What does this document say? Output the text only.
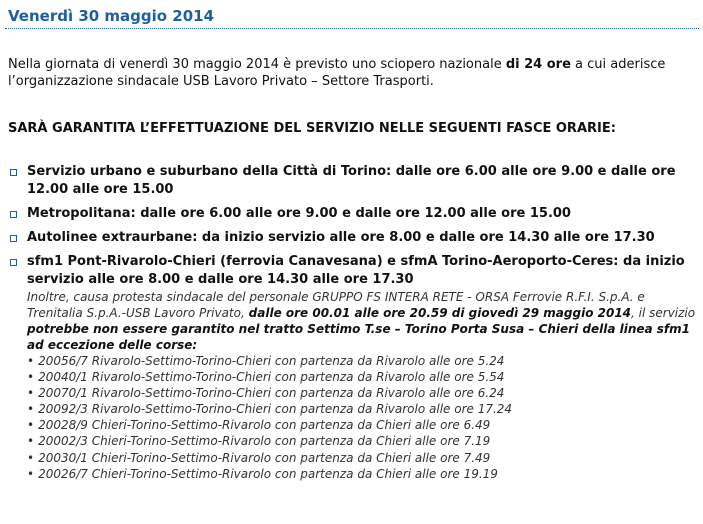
Venerdì 30 maggio 2014
Nella giornata di venerdì 30 maggio 2014 è previsto uno sciopero nazionale di 24 ore a cui aderisce l’organizzazione sindacale USB Lavoro Privato – Settore Trasporti.
SARÀ GARANTITA L’EFFETTUAZIONE DEL SERVIZIO NELLE SEGUENTI FASCE ORARIE:
Servizio urbano e suburbano della Città di Torino: dalle ore 6.00 alle ore 9.00 e dalle ore 12.00 alle ore 15.00
Metropolitana: dalle ore 6.00 alle ore 9.00 e dalle ore 12.00 alle ore 15.00
Autolinee extraurbane: da inizio servizio alle ore 8.00 e dalle ore 14.30 alle ore 17.30
sfm1 Pont-Rivarolo-Chieri (ferrovia Canavesana) e sfmA Torino-Aeroporto-Ceres: da inizio servizio alle ore 8.00 e dalle ore 14.30 alle ore 17.30
Inoltre, causa protesta sindacale del personale GRUPPO FS INTERA RETE - ORSA Ferrovie R.F.I. S.p.A. e Trenitalia S.p.A.-USB Lavoro Privato, dalle ore 00.01 alle ore 20.59 di giovedì 29 maggio 2014, il servizio potrebbe non essere garantito nel tratto Settimo T.se – Torino Porta Susa – Chieri della linea sfm1 ad eccezione delle corse:
• 20056/7 Rivarolo-Settimo-Torino-Chieri con partenza da Rivarolo alle ore 5.24
• 20040/1 Rivarolo-Settimo-Torino-Chieri con partenza da Rivarolo alle ore 5.54
• 20070/1 Rivarolo-Settimo-Torino-Chieri con partenza da Rivarolo alle ore 6.24
• 20092/3 Rivarolo-Settimo-Torino-Chieri con partenza da Rivarolo alle ore 17.24
• 20028/9 Chieri-Torino-Settimo-Rivarolo con partenza da Chieri alle ore 6.49
• 20002/3 Chieri-Torino-Settimo-Rivarolo con partenza da Chieri alle ore 7.19
• 20030/1 Chieri-Torino-Settimo-Rivarolo con partenza da Chieri alle ore 7.49
• 20026/7 Chieri-Torino-Settimo-Rivarolo con partenza da Chieri alle ore 19.19
